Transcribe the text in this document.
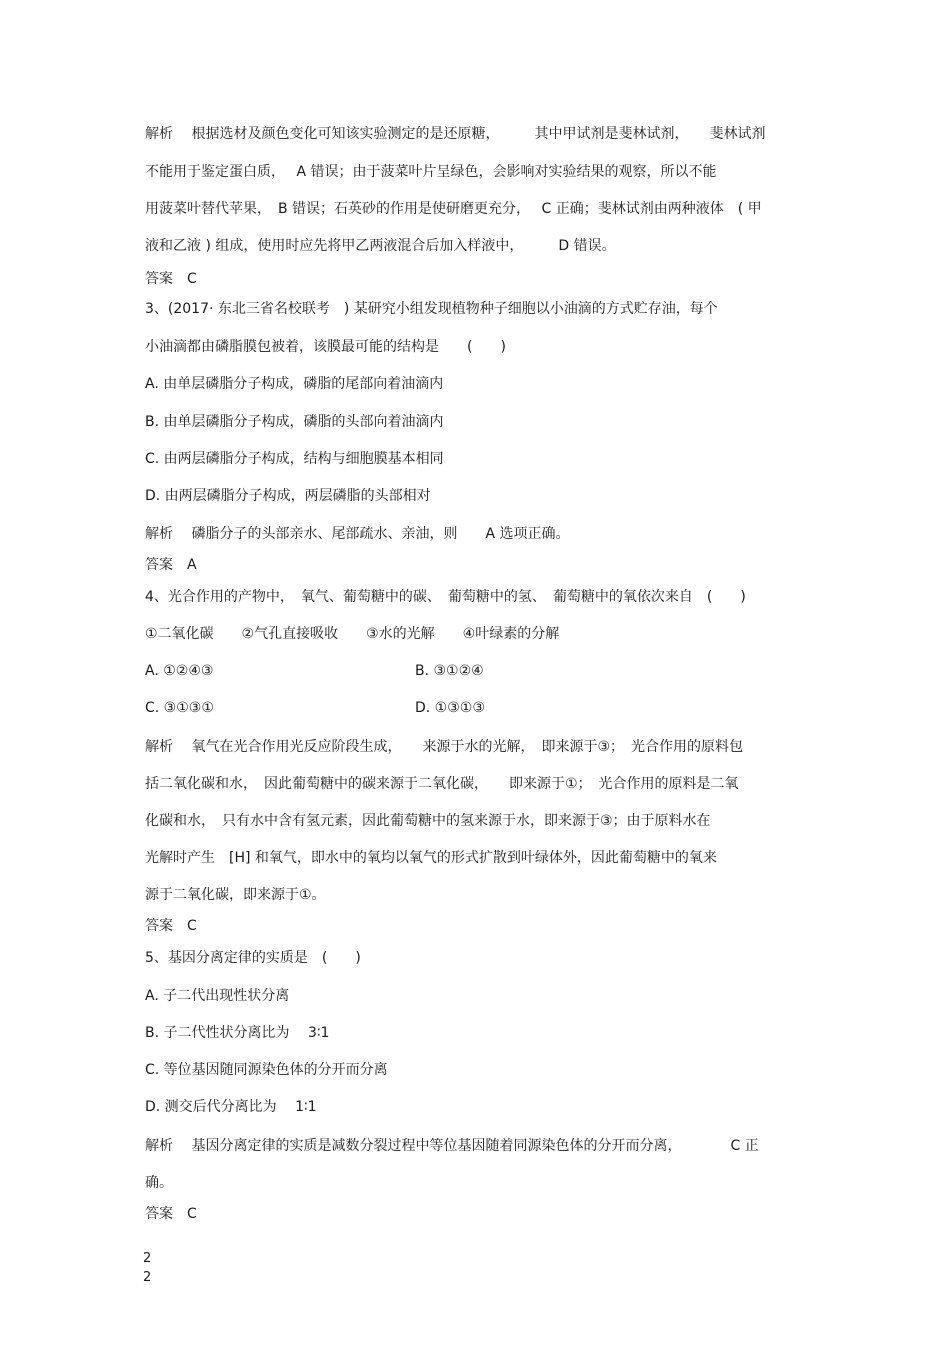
解析　 根据选材及颜色变化可知该实验测定的是还原糖，　　　其中甲试剂是斐林试剂，　　斐林试剂
不能用于鉴定蛋白质，　 A 错误；由于菠菜叶片呈绿色，会影响对实验结果的观察，所以不能
用菠菜叶替代苹果，　B 错误；石英砂的作用是使研磨更充分，　 C 正确；斐林试剂由两种液体　( 甲
液和乙液 ) 组成，使用时应先将甲乙两液混合后加入样液中，　　　D 错误。
答案　C
3、(2017· 东北三省名校联考　) 某研究小组发现植物种子细胞以小油滴的方式贮存油，每个
小油滴都由磷脂膜包被着，该膜最可能的结构是　　(　　)
A. 由单层磷脂分子构成，磷脂的尾部向着油滴内
B. 由单层磷脂分子构成，磷脂的头部向着油滴内
C. 由两层磷脂分子构成，结构与细胞膜基本相同
D. 由两层磷脂分子构成，两层磷脂的头部相对
解析　 磷脂分子的头部亲水、尾部疏水、亲油，则　　A 选项正确。
答案　A
4、光合作用的产物中，　氧气、葡萄糖中的碳、　葡萄糖中的氢、　葡萄糖中的氧依次来自　(　　)
①二氧化碳　　②气孔直接吸收　　③水的光解　　④叶绿素的分解
A. ①②④③	B. ③①②④
C. ③①③①	D. ①③①③
解析　 氧气在光合作用光反应阶段生成，　　来源于水的光解，　即来源于③；　光合作用的原料包
括二氧化碳和水，　因此葡萄糖中的碳来源于二氧化碳，　　即来源于①；　光合作用的原料是二氧
化碳和水，　只有水中含有氢元素，因此葡萄糖中的氢来源于水，即来源于③；由于原料水在
光解时产生　[H] 和氧气，即水中的氧均以氧气的形式扩散到叶绿体外，因此葡萄糖中的氧来
源于二氧化碳，即来源于①。
答案　C
5、基因分离定律的实质是　(　　)
A. 子二代出现性状分离
B. 子二代性状分离比为　 3∶1
C. 等位基因随同源染色体的分开而分离
D. 测交后代分离比为　 1∶1
解析　 基因分离定律的实质是减数分裂过程中等位基因随着同源染色体的分开而分离，　　　　C 正
确。
答案　C
2
2
